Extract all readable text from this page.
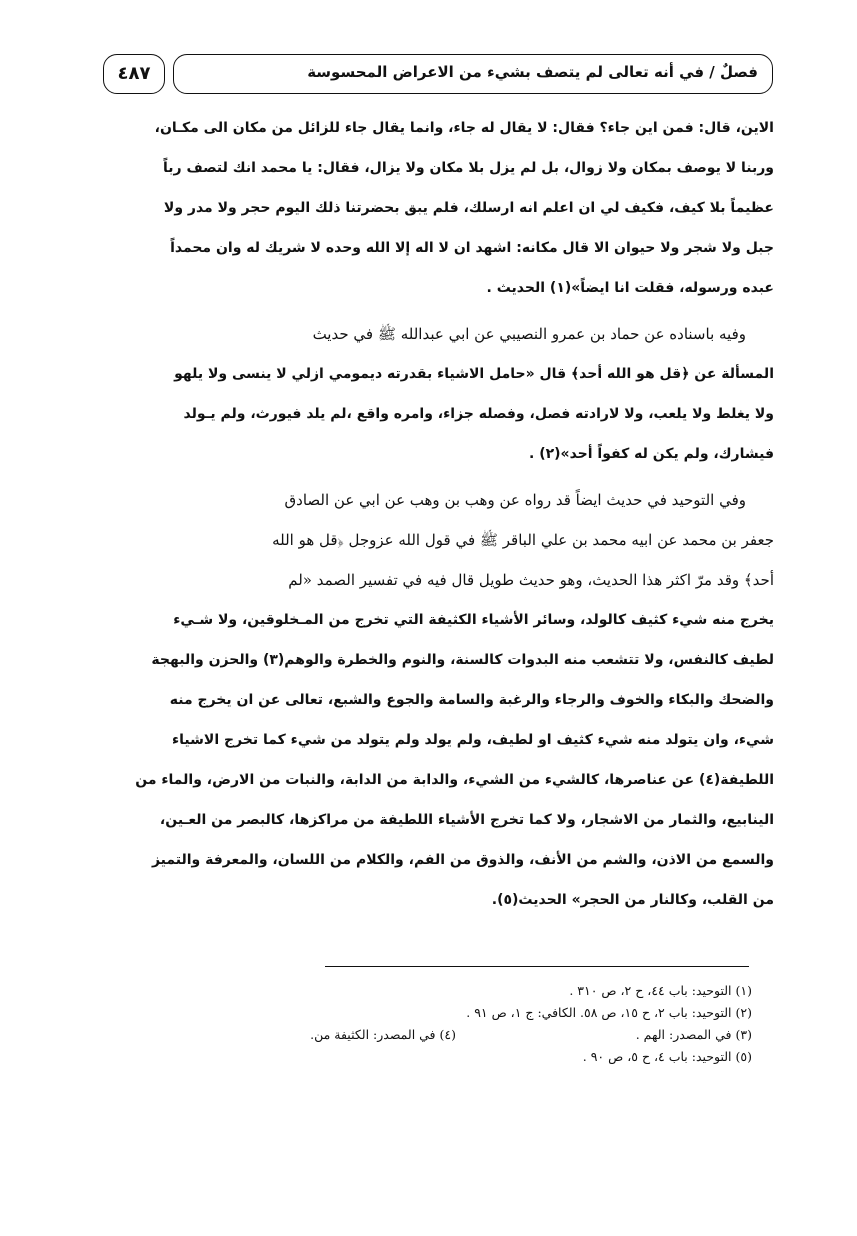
فصلٌ / في أنه تعالى لم يتصف بشيء من الاعراض المحسوسة
٤٨٧
الاين، قال: فمن اين جاء؟ فقال: لا يقال له جاء، وانما يقال جاء للزائل من مكان الى مكـان،
وربنا لا يوصف بمكان ولا زوال، بل لم يزل بلا مكان ولا يزال، فقال: يا محمد انك لتصف رباً
عظيماً بلا كيف، فكيف لي ان اعلم انه ارسلك، فلم يبق بحضرتنا ذلك اليوم حجر ولا مدر ولا
جبل ولا شجر ولا حيوان الا قال مكانه: اشهد ان لا اله إلا الله وحده لا شريك له وان محمداً
عبده ورسوله، فقلت انا ايضاً»(١) الحديث .
وفيه باسناده عن حماد بن عمرو النصيبي عن ابي عبدالله ﷺ في حديث
المسألة عن ﴿قل هو الله أحد﴾ قال «حامل الاشياء بقدرته ديمومي ازلي لا ينسى ولا يلهو
ولا يغلط ولا يلعب، ولا لارادته فصل، وفصله جزاء، وامره واقع ،لم يلد فيورث، ولم يـولد
فيشارك، ولم يكن له كفواً أحد»(٢) .
وفي التوحيد في حديث ايضاً قد رواه عن وهب بن وهب عن ابي عن الصادق
جعفر بن محمد عن ابيه محمد بن علي الباقر ﷺ في قول الله عزوجل ﴿قل هو الله
أحد﴾ وقد مرّ اكثر هذا الحديث، وهو حديث طويل قال فيه في تفسير الصمد «لم
يخرج منه شيء كثيف كالولد، وسائر الأشياء الكثيفة التي تخرج من المـخلوقين، ولا شـيء
لطيف كالنفس، ولا تتشعب منه البدوات كالسنة، والنوم والخطرة والوهم(٣) والحزن والبهجة
والضحك والبكاء والخوف والرجاء والرغبة والسامة والجوع والشبع، تعالى عن ان يخرج منه
شيء، وان يتولد منه شيء كثيف او لطيف، ولم يولد ولم يتولد من شيء كما تخرج الاشياء
اللطيفة(٤) عن عناصرها، كالشيء من الشيء، والدابة من الدابة، والنبات من الارض، والماء من
الينابيع، والثمار من الاشجار، ولا كما تخرج الأشياء اللطيفة من مراكزها، كالبصر من العـين،
والسمع من الاذن، والشم من الأنف، والذوق من الفم، والكلام من اللسان، والمعرفة والتميز
من القلب، وكالنار من الحجر» الحديث(٥).
(١) التوحيد: باب ٤٤، ح ٢، ص ٣١٠ .
(٢) التوحيد: باب ٢، ح ١٥، ص ٥٨. الكافي: ج ١، ص ٩١ .
(٣) في المصدر: الهم .
(٤) في المصدر: الكثيفة من.
(٥) التوحيد: باب ٤، ح ٥، ص ٩٠ .
